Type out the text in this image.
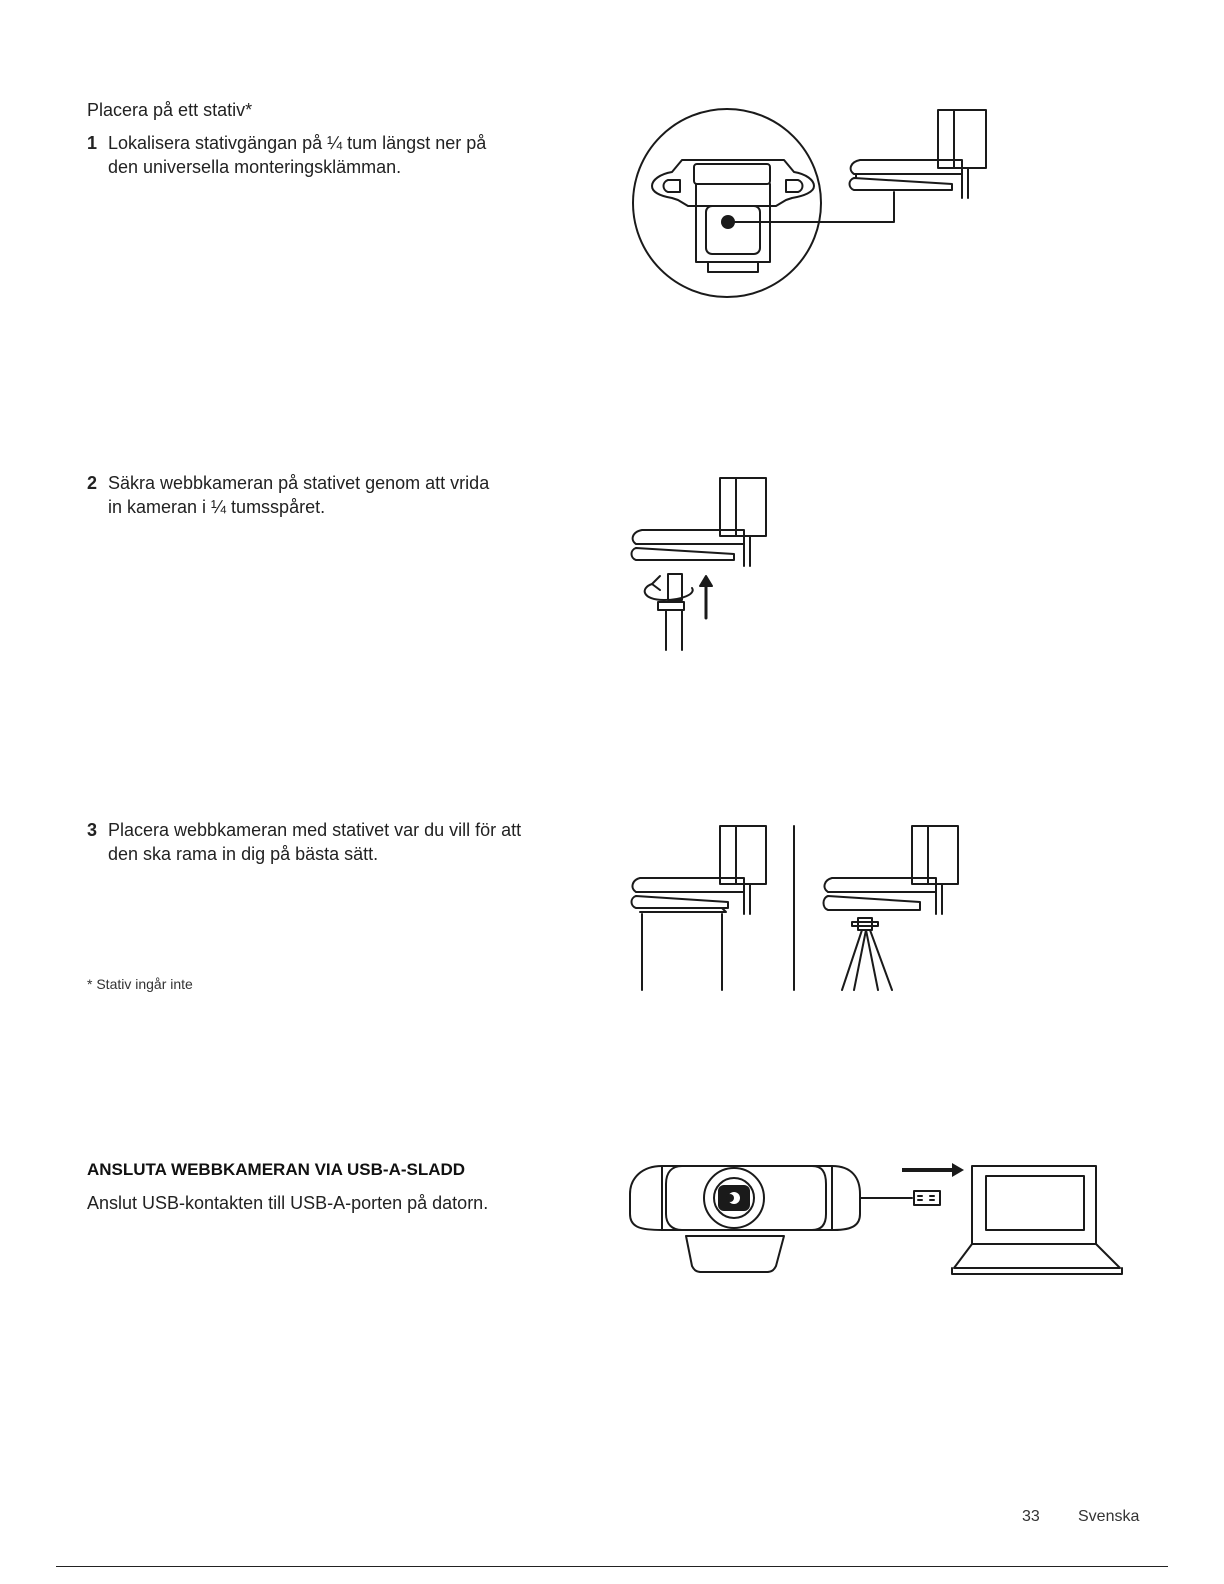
Placera på ett stativ*
1 Lokalisera stativgängan på ¼ tum längst ner på
den universella monteringsklämman.
2 Säkra webbkameran på stativet genom att vrida
in kameran i ¼ tumsspåret.
3 Placera webbkameran med stativet var du vill för att
den ska rama in dig på bästa sätt.
* Stativ ingår inte
ANSLUTA WEBBKAMERAN VIA USB-A-SLADD
Anslut USB-kontakten till USB-A-porten på datorn.
33 Svenska
